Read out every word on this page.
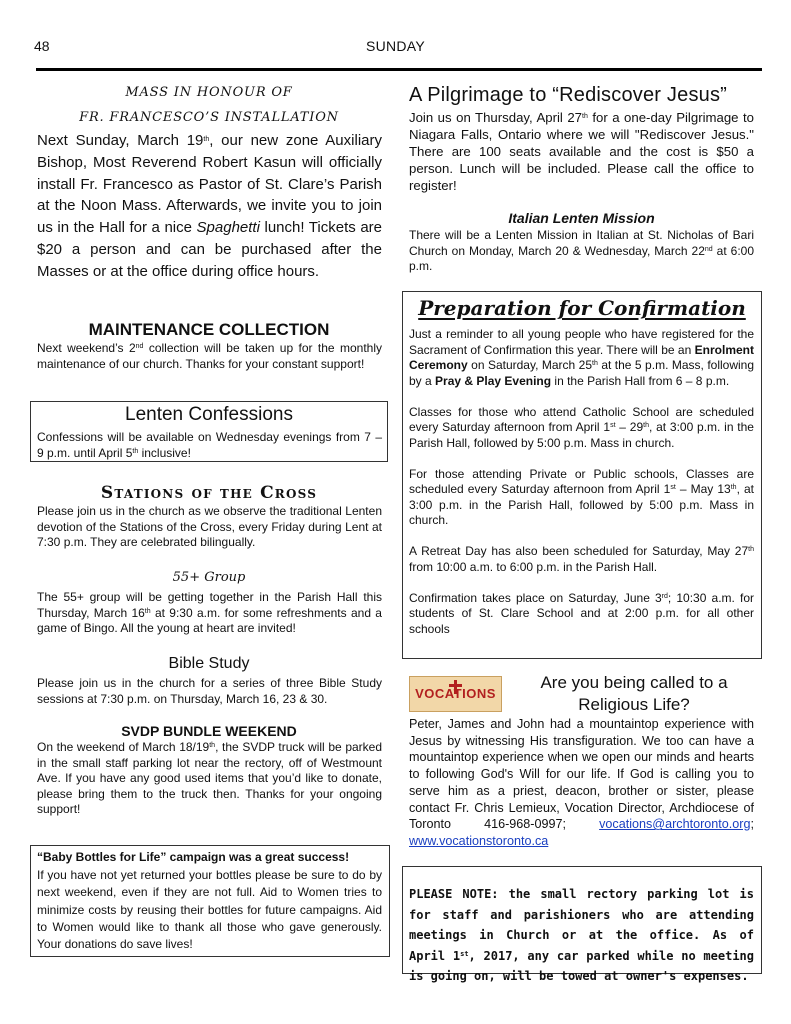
48	SUNDAY
MASS IN HONOUR OF
FR. FRANCESCO’S INSTALLATION

Next Sunday, March 19th, our new zone Auxiliary Bishop, Most Reverend Robert Kasun will officially install Fr. Francesco as Pastor of St. Clare’s Parish at the Noon Mass. Afterwards, we invite you to join us in the Hall for a nice Spaghetti lunch! Tickets are $20 a person and can be purchased after the Masses or at the office during office hours.

MAINTENANCE COLLECTION

Next weekend’s 2nd collection will be taken up for the monthly maintenance of our church. Thanks for your constant support!

Lenten Confessions

Confessions will be available on Wednesday evenings from 7 – 9 p.m. until April 5th inclusive!

Stations of the Cross

Please join us in the church as we observe the traditional Lenten devotion of the Stations of the Cross, every Friday during Lent at 7:30 p.m. They are celebrated bilingually.

55+ Group

The 55+ group will be getting together in the Parish Hall this Thursday, March 16th at 9:30 a.m. for some refreshments and a game of Bingo. All the young at heart are invited!

Bible Study

Please join us in the church for a series of three Bible Study sessions at 7:30 p.m. on Thursday, March 16, 23 & 30.

SVDP BUNDLE WEEKEND

On the weekend of March 18/19th, the SVDP truck will be parked in the small staff parking lot near the rectory, off of Westmount Ave. If you have any good used items that you’d like to donate, please bring them to the truck then. Thanks for your ongoing support!

“Baby Bottles for Life” campaign was a great success!

If you have not yet returned your bottles please be sure to do by next weekend, even if they are not full. Aid to Women tries to minimize costs by reusing their bottles for future campaigns. Aid to Women would like to thank all those who gave generously. Your donations do save lives!

A Pilgrimage to “Rediscover Jesus”

Join us on Thursday, April 27th for a one-day Pilgrimage to Niagara Falls, Ontario where we will "Rediscover Jesus." There are 100 seats available and the cost is $50 a person. Lunch will be included. Please call the office to register!

Italian Lenten Mission

There will be a Lenten Mission in Italian at St. Nicholas of Bari Church on Monday, March 20 & Wednesday, March 22nd at 6:00 p.m.

Preparation for Confirmation

Just a reminder to all young people who have registered for the Sacrament of Confirmation this year. There will be an Enrolment Ceremony on Saturday, March 25th at the 5 p.m. Mass, following by a Pray & Play Evening in the Parish Hall from 6 – 8 p.m.

Classes for those who attend Catholic School are scheduled every Saturday afternoon from April 1st – 29th, at 3:00 p.m. in the Parish Hall, followed by 5:00 p.m. Mass in church.

For those attending Private or Public schools, Classes are scheduled every Saturday afternoon from April 1st – May 13th, at 3:00 p.m. in the Parish Hall, followed by 5:00 p.m. Mass in church.

A Retreat Day has also been scheduled for Saturday, May 27th from 10:00 a.m. to 6:00 p.m. in the Parish Hall.

Confirmation takes place on Saturday, June 3rd; 10:30 a.m. for students of St. Clare School and at 2:00 p.m. for all other schools

VOCATIONS
Are you being called to a Religious Life?

Peter, James and John had a mountaintop experience with Jesus by witnessing His transfiguration. We too can have a mountaintop experience when we open our minds and hearts to following God's Will for our life. If God is calling you to serve him as a priest, deacon, brother or sister, please contact Fr. Chris Lemieux, Vocation Director, Archdiocese of Toronto 416-968-0997; vocations@archtoronto.org; www.vocationstoronto.ca

PLEASE NOTE: the small rectory parking lot is for staff and parishioners who are attending meetings in Church or at the office. As of April 1st, 2017, any car parked while no meeting is going on, will be towed at owner's expenses.
